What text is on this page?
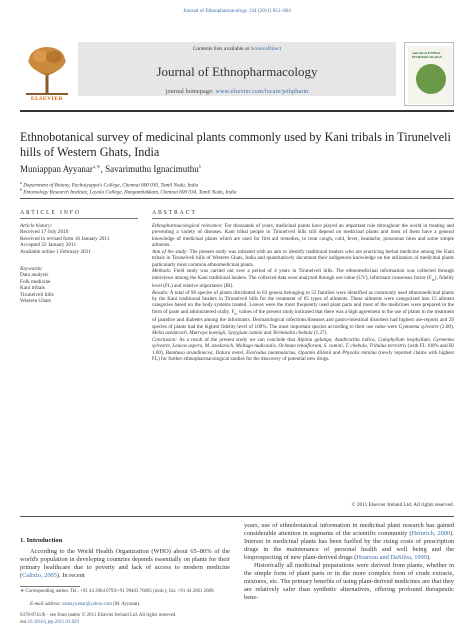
Journal of Ethnopharmacology 134 (2011) 851–864
ELSEVIER
Contents lists available at ScienceDirect
Journal of Ethnopharmacology
journal homepage: www.elsevier.com/locate/jethpharm
Journal of ETHNO-PHARMACOLOGY
Ethnobotanical survey of medicinal plants commonly used by Kani tribals in Tirunelveli hills of Western Ghats, India
Muniappan Ayyanar$^{a,∗}$, Savarimuthu Ignacimuthu$^b$
$^a$ Department of Botany, Pachaiyappa's College, Chennai 600 030, Tamil Nadu, India
$^b$ Entomology Research Institute, Loyola College, Nungambakkam, Chennai 600 034, Tamil Nadu, India
ARTICLE INFO
Article history:
Received 17 July 2010
Received in revised form 16 January 2011
Accepted 22 January 2011
Available online 1 February 2011
Keywords:
Data analysis
Folk medicine
Kani tribals
Tirunelveli hills
Western Ghats
ABSTRACT

Ethnopharmacological relevance: For thousands of years, medicinal plants have played an important role throughout the world in treating and preventing a variety of diseases. Kani tribal people in Tirunelveli hills still depend on medicinal plants and most of them have a general knowledge of medicinal plants which are used for first aid remedies, to treat cough, cold, fever, headache, poisonous bites and some simple ailments.

Aim of the study: The present study was initiated with an aim to identify traditional healers who are practicing herbal medicine among the Kani tribals in Tirunelveli hills of Western Ghats, India and quantitatively document their indigenous knowledge on the utilization of medicinal plants particularly most common ethnomedicinal plants.

Methods: Field study was carried out over a period of 4 years in Tirunelveli hills. The ethnomedicinal information was collected through interviews among the Kani traditional healers. The collected data were analyzed through use value (UV), informant consensus factor $(F_{ic})$, fidelity level (FL) and relative importance (RI).

Results: A total of 90 species of plants distributed in 83 genera belonging to 52 families were identified as commonly used ethnomedicinal plants by the Kani traditional healers in Tirunelveli hills for the treatment of 65 types of ailments. These ailments were categorized into 15 ailment categories based on the body systems treated. Leaves were the most frequently used plant parts and most of the medicines were prepared in the form of paste and administered orally. $F_{ic}$ values of the present study indicated that there was a high agreement in the use of plants in the treatment of jaundice and diabetes among the informants. Dermatological infections/diseases and gastro-intestinal disorders had highest use-reports and 29 species of plants had the highest fidelity level of 100%. The most important species according to their use value were Gymnema sylvestre (2.00), Melia azedarach, Murraya koenigii, Syzygium cumini and Terminalia chebula (1.27).

Conclusion: As a result of the present study we can conclude that Alpinia galanga, Azadirachta indica, Calophyllum inophyllum, Gymnema sylvestre, Leucas aspera, M. azedarach, Mollugo nudicaulis, Ocimum tenuiflorum, S. cumini, T. chebula, Tribulus terrestris (with FL 100% and RI 1.00), Bambusa arundinacea, Datura metel, Evolvulus nummularius, Opuntia dillenii and Physalis minima (newly reported claims with highest FL) for further ethnopharmacological studies for the discovery of potential new drugs.

© 2011 Elsevier Ireland Ltd. All rights reserved.
1. Introduction
According to the World Health Organization (WHO) about 65–80% of the world's population in developing countries depends essentially on plants for their primary healthcare due to poverty and lack of access to modern medicine (Calixto, 2005). In recent
years, use of ethnobotanical information in medicinal plant research has gained considerable attention in segments of the scientific community (Heinrich, 2000). Interest in medicinal plants has been fuelled by the rising costs of prescription drugs in the maintenance of personal health and well being and the bioprospecting of new plant-derived drugs (Hoareau and DaSilva, 1999).
Historically all medicinal preparations were derived from plants, whether in the simple form of plant parts or in the more complex form of crude extracts, mixtures, etc. The primary benefits of using plant-derived medicines are that they are relatively safer than synthetic alternatives, offering profound therapeutic bene-
∗ Corresponding author. Tel.: +91 44 2664 0793/+91 99403 76005 (mob.); fax: +91 44 2661 2689.
E-mail address: asmayyanar@yahoo.com (M. Ayyanar).
0378-8741/$ – see front matter © 2011 Elsevier Ireland Ltd. All rights reserved.
doi:10.1016/j.jep.2011.01.029
